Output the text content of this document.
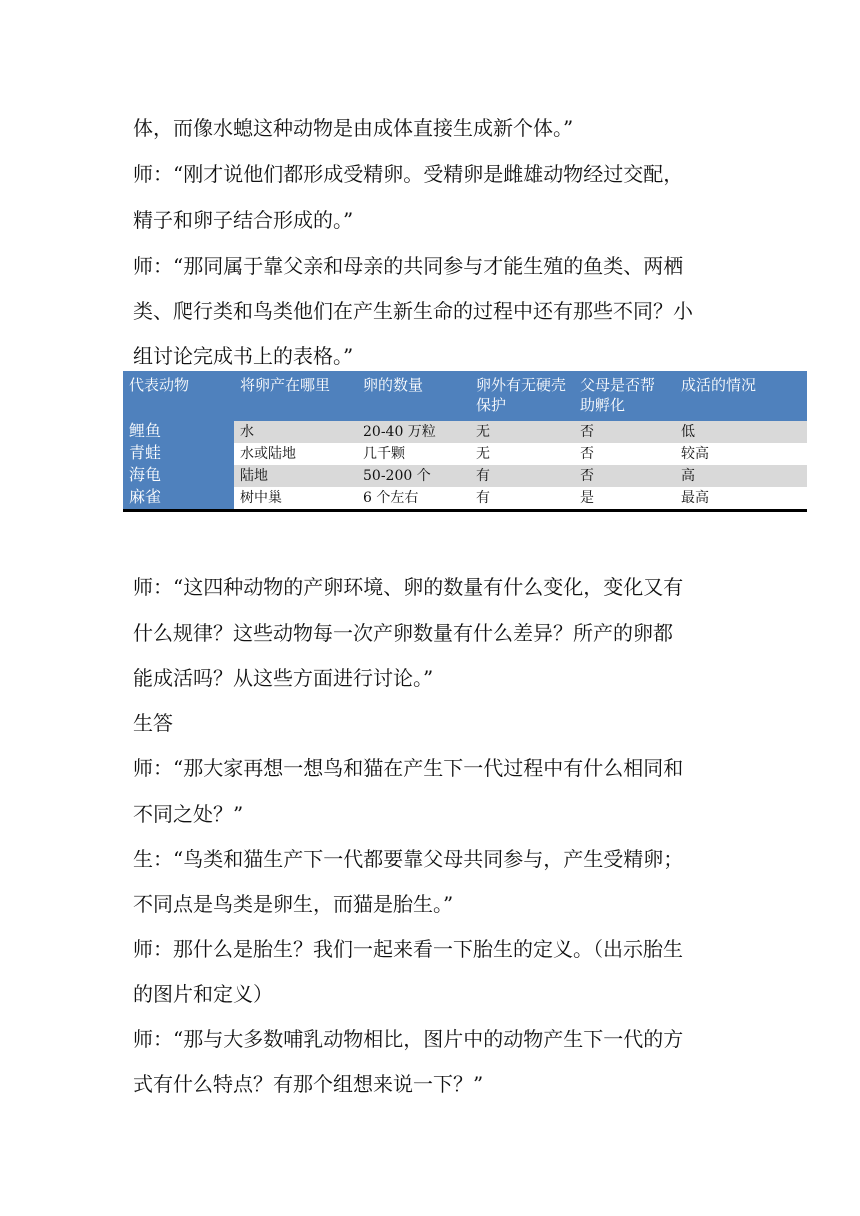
体，而像水螅这种动物是由成体直接生成新个体。”

师：“刚才说他们都形成受精卵。受精卵是雌雄动物经过交配，

精子和卵子结合形成的。”

师：“那同属于靠父亲和母亲的共同参与才能生殖的鱼类、两栖

类、爬行类和鸟类他们在产生新生命的过程中还有那些不同？小

组讨论完成书上的表格。”

代表动物	将卵产在哪里	卵的数量	卵外有无硬壳保护	父母是否帮助孵化	成活的情况
鲤鱼	水	20-40 万粒	无	否	低
青蛙	水或陆地	几千颗	无	否	较高
海龟	陆地	50-200 个	有	否	高
麻雀	树中巢	6 个左右	有	是	最高

师：“这四种动物的产卵环境、卵的数量有什么变化，变化又有

什么规律？这些动物每一次产卵数量有什么差异？所产的卵都

能成活吗？从这些方面进行讨论。”

生答

师：“那大家再想一想鸟和猫在产生下一代过程中有什么相同和

不同之处？”

生：“鸟类和猫生产下一代都要靠父母共同参与，产生受精卵；

不同点是鸟类是卵生，而猫是胎生。”

师：那什么是胎生？我们一起来看一下胎生的定义。（出示胎生

的图片和定义）

师：“那与大多数哺乳动物相比，图片中的动物产生下一代的方

式有什么特点？有那个组想来说一下？”
